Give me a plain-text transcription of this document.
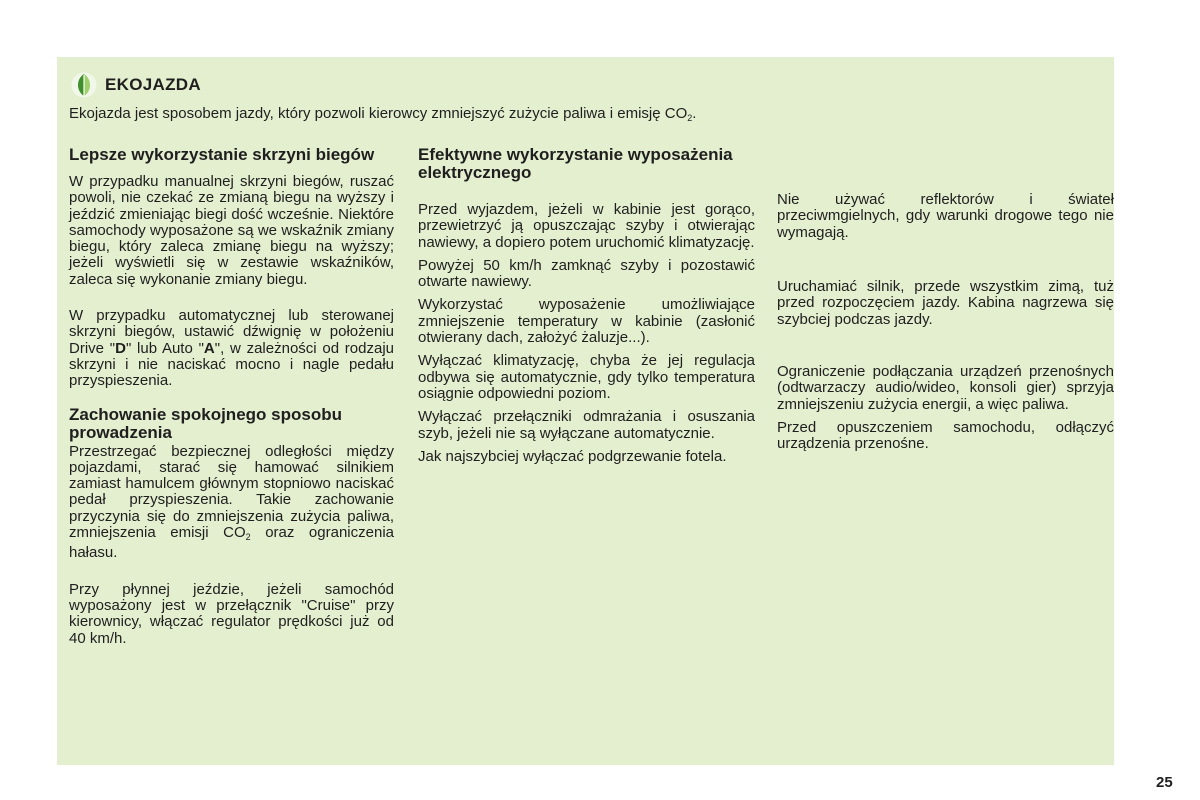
EKOJAZDA

Ekojazda jest sposobem jazdy, który pozwoli kierowcy zmniejszyć zużycie paliwa i emisję $CO_2$.

Lepsze wykorzystanie skrzyni biegów

W przypadku manualnej skrzyni biegów, ruszać powoli, nie czekać ze zmianą biegu na wyższy i jeździć zmieniając biegi dość wcześnie. Niektóre samochody wyposażone są we wskaźnik zmiany biegu, który zaleca zmianę biegu na wyższy; jeżeli wyświetli się w zestawie wskaźników, zaleca się wykonanie zmiany biegu.

W przypadku automatycznej lub sterowanej skrzyni biegów, ustawić dźwignię w położeniu Drive "D" lub Auto "A", w zależności od rodzaju skrzyni i nie naciskać mocno i nagle pedału przyspieszenia.

Zachowanie spokojnego sposobu prowadzenia

Przestrzegać bezpiecznej odległości między pojazdami, starać się hamować silnikiem zamiast hamulcem głównym stopniowo naciskać pedał przyspieszenia. Takie zachowanie przyczynia się do zmniejszenia zużycia paliwa, zmniejszenia emisji $CO_2$ oraz ograniczenia hałasu.

Przy płynnej jeździe, jeżeli samochód wyposażony jest w przełącznik "Cruise" przy kierownicy, włączać regulator prędkości już od 40 km/h.

Efektywne wykorzystanie wyposażenia elektrycznego

Przed wyjazdem, jeżeli w kabinie jest gorąco, przewietrzyć ją opuszczając szyby i otwierając nawiewy, a dopiero potem uruchomić klimatyzację.

Powyżej 50 km/h zamknąć szyby i pozostawić otwarte nawiewy.

Wykorzystać wyposażenie umożliwiające zmniejszenie temperatury w kabinie (zasłonić otwierany dach, założyć żaluzje...).

Wyłączać klimatyzację, chyba że jej regulacja odbywa się automatycznie, gdy tylko temperatura osiągnie odpowiedni poziom.

Wyłączać przełączniki odmrażania i osuszania szyb, jeżeli nie są wyłączane automatycznie.

Jak najszybciej wyłączać podgrzewanie fotela.

Nie używać reflektorów i świateł przeciwmgielnych, gdy warunki drogowe tego nie wymagają.

Uruchamiać silnik, przede wszystkim zimą, tuż przed rozpoczęciem jazdy. Kabina nagrzewa się szybciej podczas jazdy.

Ograniczenie podłączania urządzeń przenośnych (odtwarzaczy audio/wideo, konsoli gier) sprzyja zmniejszeniu zużycia energii, a więc paliwa.

Przed opuszczeniem samochodu, odłączyć urządzenia przenośne.

25
